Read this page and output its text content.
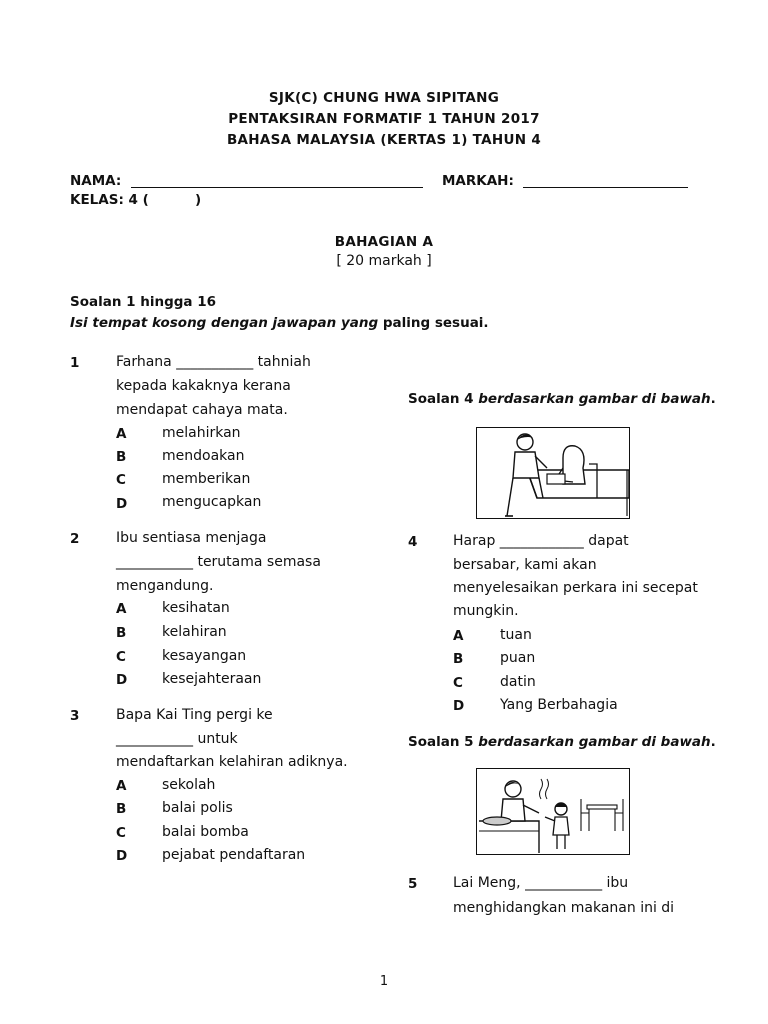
SJK(C) CHUNG HWA SIPITANG
PENTAKSIRAN FORMATIF 1 TAHUN 2017
BAHASA MALAYSIA (KERTAS 1) TAHUN 4
NAMA:	MARKAH:
KELAS: 4 (	)
BAHAGIAN A
[ 20 markah ]
Soalan 1 hingga 16
Isi tempat kosong dengan jawapan yang paling sesuai.
1	Farhana ___________ tahniah
kepada kakaknya kerana
mendapat cahaya mata.
A	melahirkan
B	mendoakan
C	memberikan
D mengucapkan
2	Ibu sentiasa menjaga
___________ terutama semasa
mengandung.
A	kesihatan
B	kelahiran
C	kesayangan
D kesejahteraan
3	Bapa Kai Ting pergi ke
___________ untuk
mendaftarkan kelahiran adiknya.
A	sekolah
B	balai polis
C	balai bomba
D pejabat pendaftaran
Soalan 4 berdasarkan gambar di bawah.
4	Harap ____________ dapat
bersabar, kami akan
menyelesaikan perkara ini secepat
mungkin.
A	tuan
B	puan
C	datin
D	Yang Berbahagia
Soalan 5 berdasarkan gambar di bawah.
5	Lai Meng, ___________ ibu
menghidangkan makanan ini di
1
